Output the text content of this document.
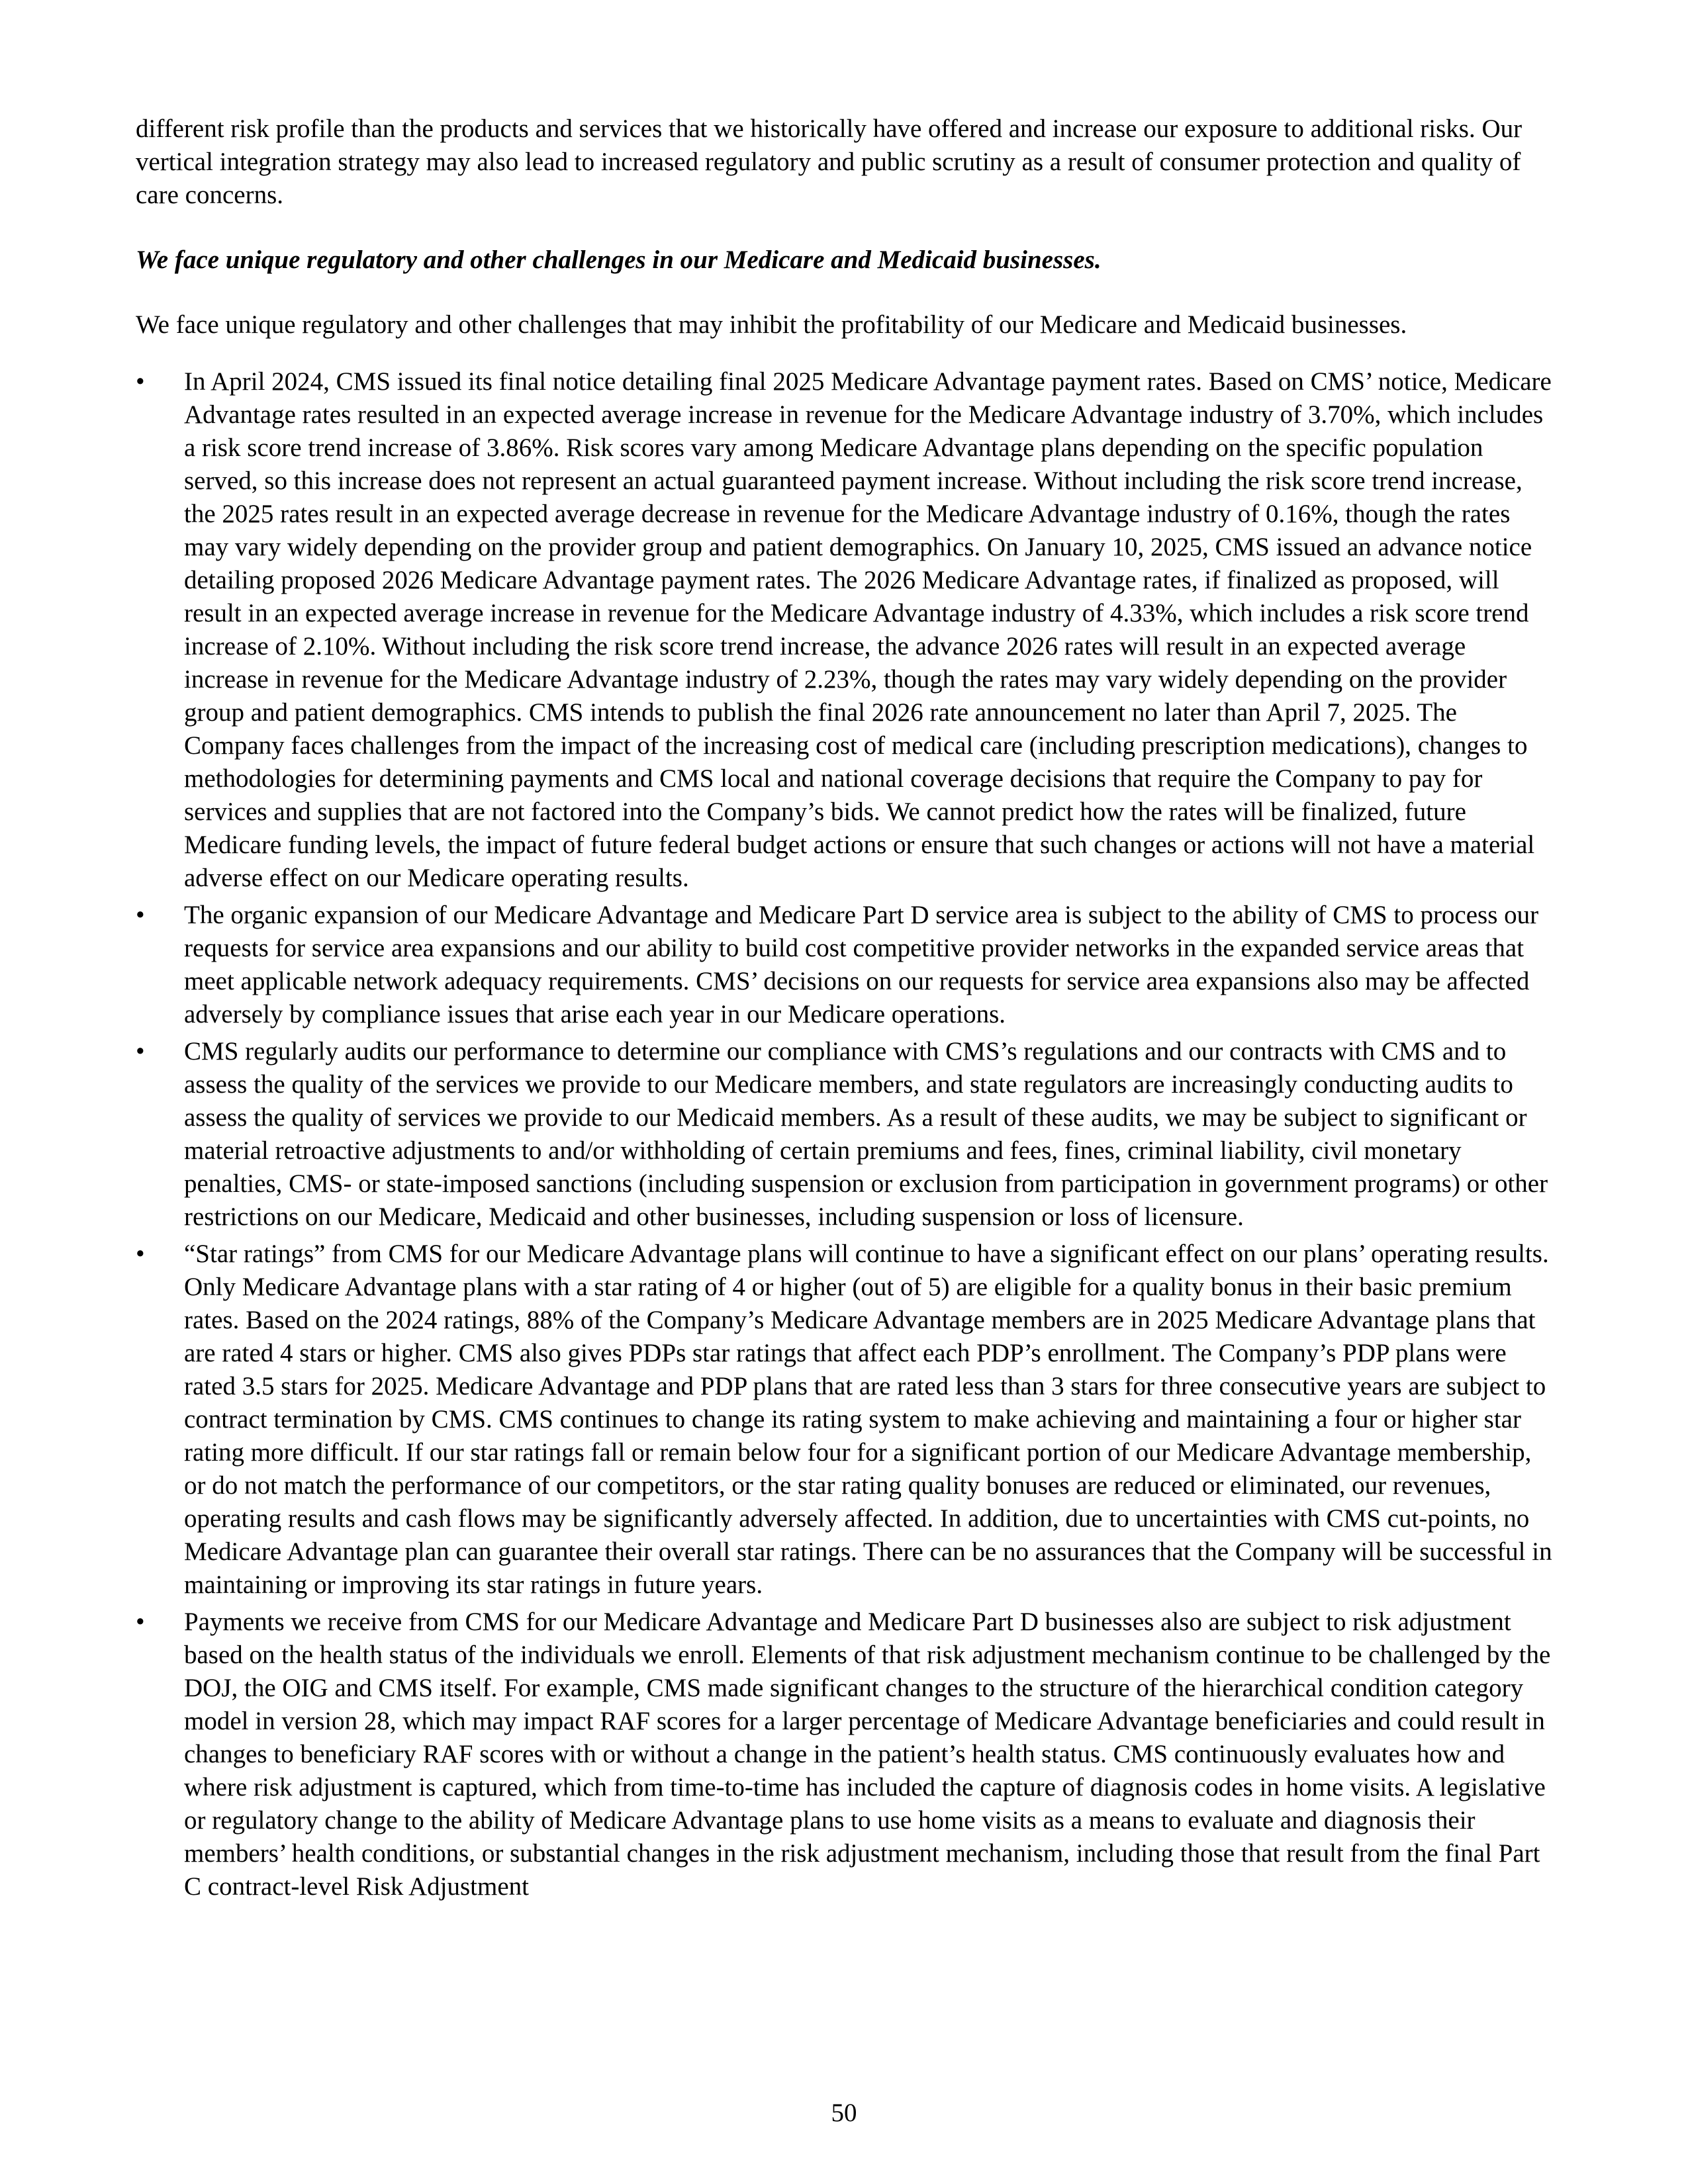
different risk profile than the products and services that we historically have offered and increase our exposure to additional risks. Our vertical integration strategy may also lead to increased regulatory and public scrutiny as a result of consumer protection and quality of care concerns.

We face unique regulatory and other challenges in our Medicare and Medicaid businesses.

We face unique regulatory and other challenges that may inhibit the profitability of our Medicare and Medicaid businesses.

• In April 2024, CMS issued its final notice detailing final 2025 Medicare Advantage payment rates. Based on CMS’ notice, Medicare Advantage rates resulted in an expected average increase in revenue for the Medicare Advantage industry of 3.70%, which includes a risk score trend increase of 3.86%. Risk scores vary among Medicare Advantage plans depending on the specific population served, so this increase does not represent an actual guaranteed payment increase. Without including the risk score trend increase, the 2025 rates result in an expected average decrease in revenue for the Medicare Advantage industry of 0.16%, though the rates may vary widely depending on the provider group and patient demographics. On January 10, 2025, CMS issued an advance notice detailing proposed 2026 Medicare Advantage payment rates. The 2026 Medicare Advantage rates, if finalized as proposed, will result in an expected average increase in revenue for the Medicare Advantage industry of 4.33%, which includes a risk score trend increase of 2.10%. Without including the risk score trend increase, the advance 2026 rates will result in an expected average increase in revenue for the Medicare Advantage industry of 2.23%, though the rates may vary widely depending on the provider group and patient demographics. CMS intends to publish the final 2026 rate announcement no later than April 7, 2025. The Company faces challenges from the impact of the increasing cost of medical care (including prescription medications), changes to methodologies for determining payments and CMS local and national coverage decisions that require the Company to pay for services and supplies that are not factored into the Company’s bids. We cannot predict how the rates will be finalized, future Medicare funding levels, the impact of future federal budget actions or ensure that such changes or actions will not have a material adverse effect on our Medicare operating results.
• The organic expansion of our Medicare Advantage and Medicare Part D service area is subject to the ability of CMS to process our requests for service area expansions and our ability to build cost competitive provider networks in the expanded service areas that meet applicable network adequacy requirements. CMS’ decisions on our requests for service area expansions also may be affected adversely by compliance issues that arise each year in our Medicare operations.
• CMS regularly audits our performance to determine our compliance with CMS’s regulations and our contracts with CMS and to assess the quality of the services we provide to our Medicare members, and state regulators are increasingly conducting audits to assess the quality of services we provide to our Medicaid members. As a result of these audits, we may be subject to significant or material retroactive adjustments to and/or withholding of certain premiums and fees, fines, criminal liability, civil monetary penalties, CMS- or state-imposed sanctions (including suspension or exclusion from participation in government programs) or other restrictions on our Medicare, Medicaid and other businesses, including suspension or loss of licensure.
• “Star ratings” from CMS for our Medicare Advantage plans will continue to have a significant effect on our plans’ operating results. Only Medicare Advantage plans with a star rating of 4 or higher (out of 5) are eligible for a quality bonus in their basic premium rates. Based on the 2024 ratings, 88% of the Company’s Medicare Advantage members are in 2025 Medicare Advantage plans that are rated 4 stars or higher. CMS also gives PDPs star ratings that affect each PDP’s enrollment. The Company’s PDP plans were rated 3.5 stars for 2025. Medicare Advantage and PDP plans that are rated less than 3 stars for three consecutive years are subject to contract termination by CMS. CMS continues to change its rating system to make achieving and maintaining a four or higher star rating more difficult. If our star ratings fall or remain below four for a significant portion of our Medicare Advantage membership, or do not match the performance of our competitors, or the star rating quality bonuses are reduced or eliminated, our revenues, operating results and cash flows may be significantly adversely affected. In addition, due to uncertainties with CMS cut-points, no Medicare Advantage plan can guarantee their overall star ratings. There can be no assurances that the Company will be successful in maintaining or improving its star ratings in future years.
• Payments we receive from CMS for our Medicare Advantage and Medicare Part D businesses also are subject to risk adjustment based on the health status of the individuals we enroll. Elements of that risk adjustment mechanism continue to be challenged by the DOJ, the OIG and CMS itself. For example, CMS made significant changes to the structure of the hierarchical condition category model in version 28, which may impact RAF scores for a larger percentage of Medicare Advantage beneficiaries and could result in changes to beneficiary RAF scores with or without a change in the patient’s health status. CMS continuously evaluates how and where risk adjustment is captured, which from time-to-time has included the capture of diagnosis codes in home visits. A legislative or regulatory change to the ability of Medicare Advantage plans to use home visits as a means to evaluate and diagnosis their members’ health conditions, or substantial changes in the risk adjustment mechanism, including those that result from the final Part C contract-level Risk Adjustment
50
